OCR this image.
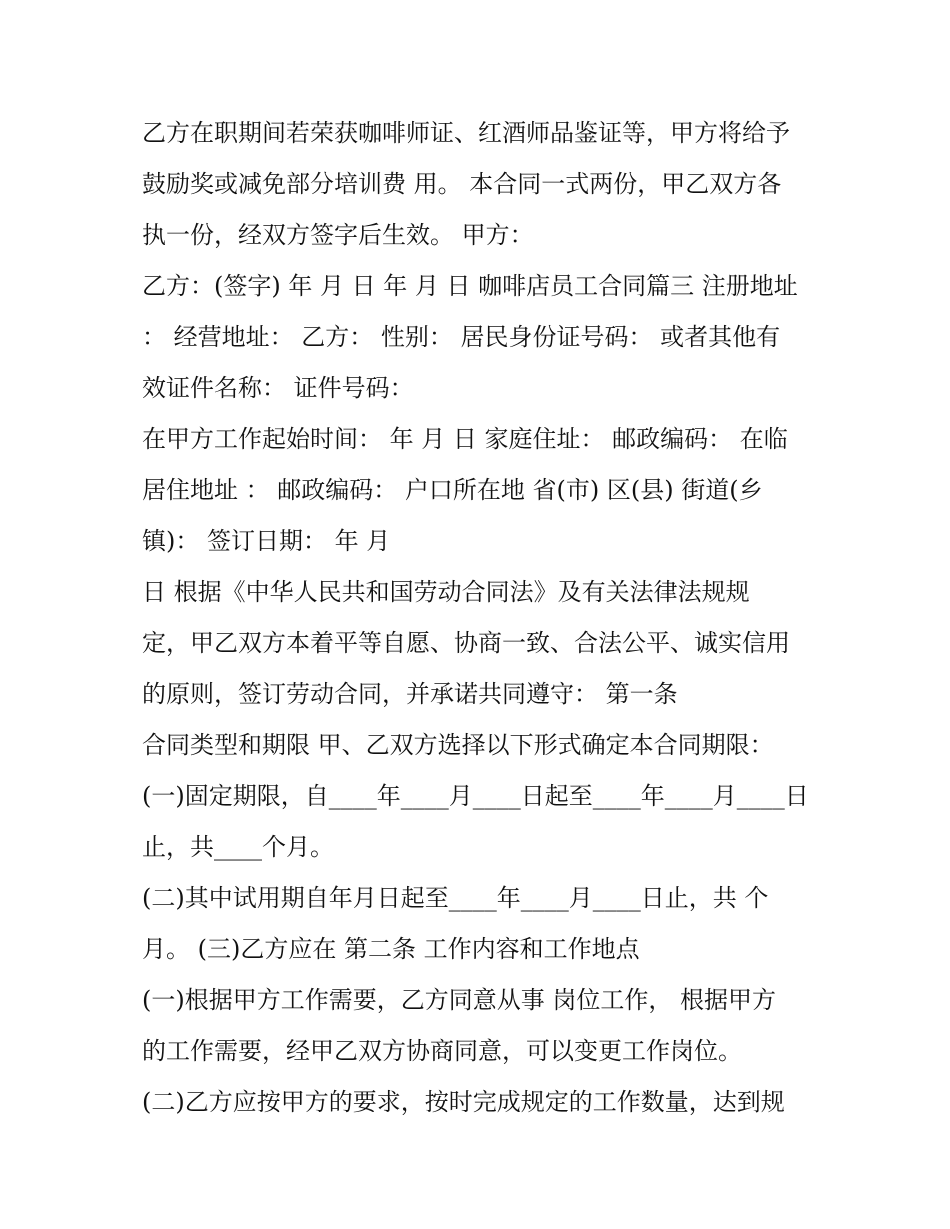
乙方在职期间若荣获咖啡师证、红酒师品鉴证等，甲方将给予
鼓励奖或减免部分培训费 用。 本合同一式两份，甲乙双方各
执一份，经双方签字后生效。 甲方：
乙方：(签字) 年 月 日 年 月 日 咖啡店员工合同篇三 注册地址
： 经营地址： 乙方： 性别： 居民身份证号码： 或者其他有
效证件名称： 证件号码：
在甲方工作起始时间： 年 月 日 家庭住址： 邮政编码： 在临
居住地址 ： 邮政编码： 户口所在地 省(市) 区(县) 街道(乡
镇)： 签订日期： 年 月
日 根据《中华人民共和国劳动合同法》及有关法律法规规
定，甲乙双方本着平等自愿、协商一致、合法公平、诚实信用
的原则，签订劳动合同，并承诺共同遵守： 第一条
合同类型和期限 甲、乙双方选择以下形式确定本合同期限：
(一)固定期限，自____年____月____日起至____年____月____日
止，共____个月。
(二)其中试用期自年月日起至____年____月____日止，共 个
月。 (三)乙方应在 第二条 工作内容和工作地点
(一)根据甲方工作需要，乙方同意从事 岗位工作， 根据甲方
的工作需要，经甲乙双方协商同意，可以变更工作岗位。
(二)乙方应按甲方的要求，按时完成规定的工作数量，达到规
